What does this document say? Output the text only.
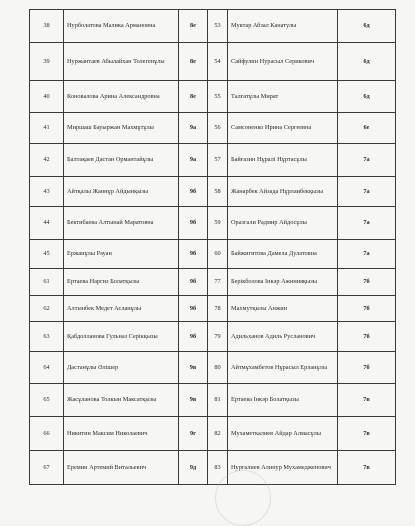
38	Нурболатова Малика Армановна	8е	53	Муктар Абзал Канатулы	6д
39	Нуржантаев Абылайхан Толегенұлы	8е	54	Сайфулин Нурасыл Серикович	6д
40	Коновалова Арина Александровна	8е	55	Талғатұлы Мират	6д
41	Миршаш Бауыржан Махмұтұлы	9а	56	Самсоненко Ирина Сергеевна	6е
42	Балтақаев Дастан Ормантайұлы	9а	57	Байғазин Нұралі Нұртасұлы	7а
43	Айтқалы Жаннұр Айдынқызы	9б	58	Жанарбек Айзада Нұрлаибекқызы	7а
44	Бектибаева Алтынай Маратовна	9б	59	Оразгали Радмир Айдосұлы	7а
45	Ержанұлы Рауан	9б	60	Байжигитова Дамела Дулатовна	7а
61	Ертаева Наргиз Болатқызы	9б	77	Берікболова Інкәр Ажинияқызы	7б
62	Алтынбек Медет Асланұлы	9б	78	Махмутқызы Анжин	7б
63	Қабдолланова Гульназ Серікқызы	9б	79	Адильханов Адиль Русланович	7б
64	Дастанұлы Әлішер	9в	80	Айтмұхамбетов Нұрасыл Ерланұлы	7б
65	Жасұланова Толкын Максатқызы	9в	81	Ертаева Інкәр Болатқызы	7в
66	Никитин Максим Николаевич	9г	82	Мухаметкалиев Айдар Алмасұлы	7в
67	Еремин Артемий Витальевич	9д	83	Нургалиев Алинур Мухамедженович	7в
